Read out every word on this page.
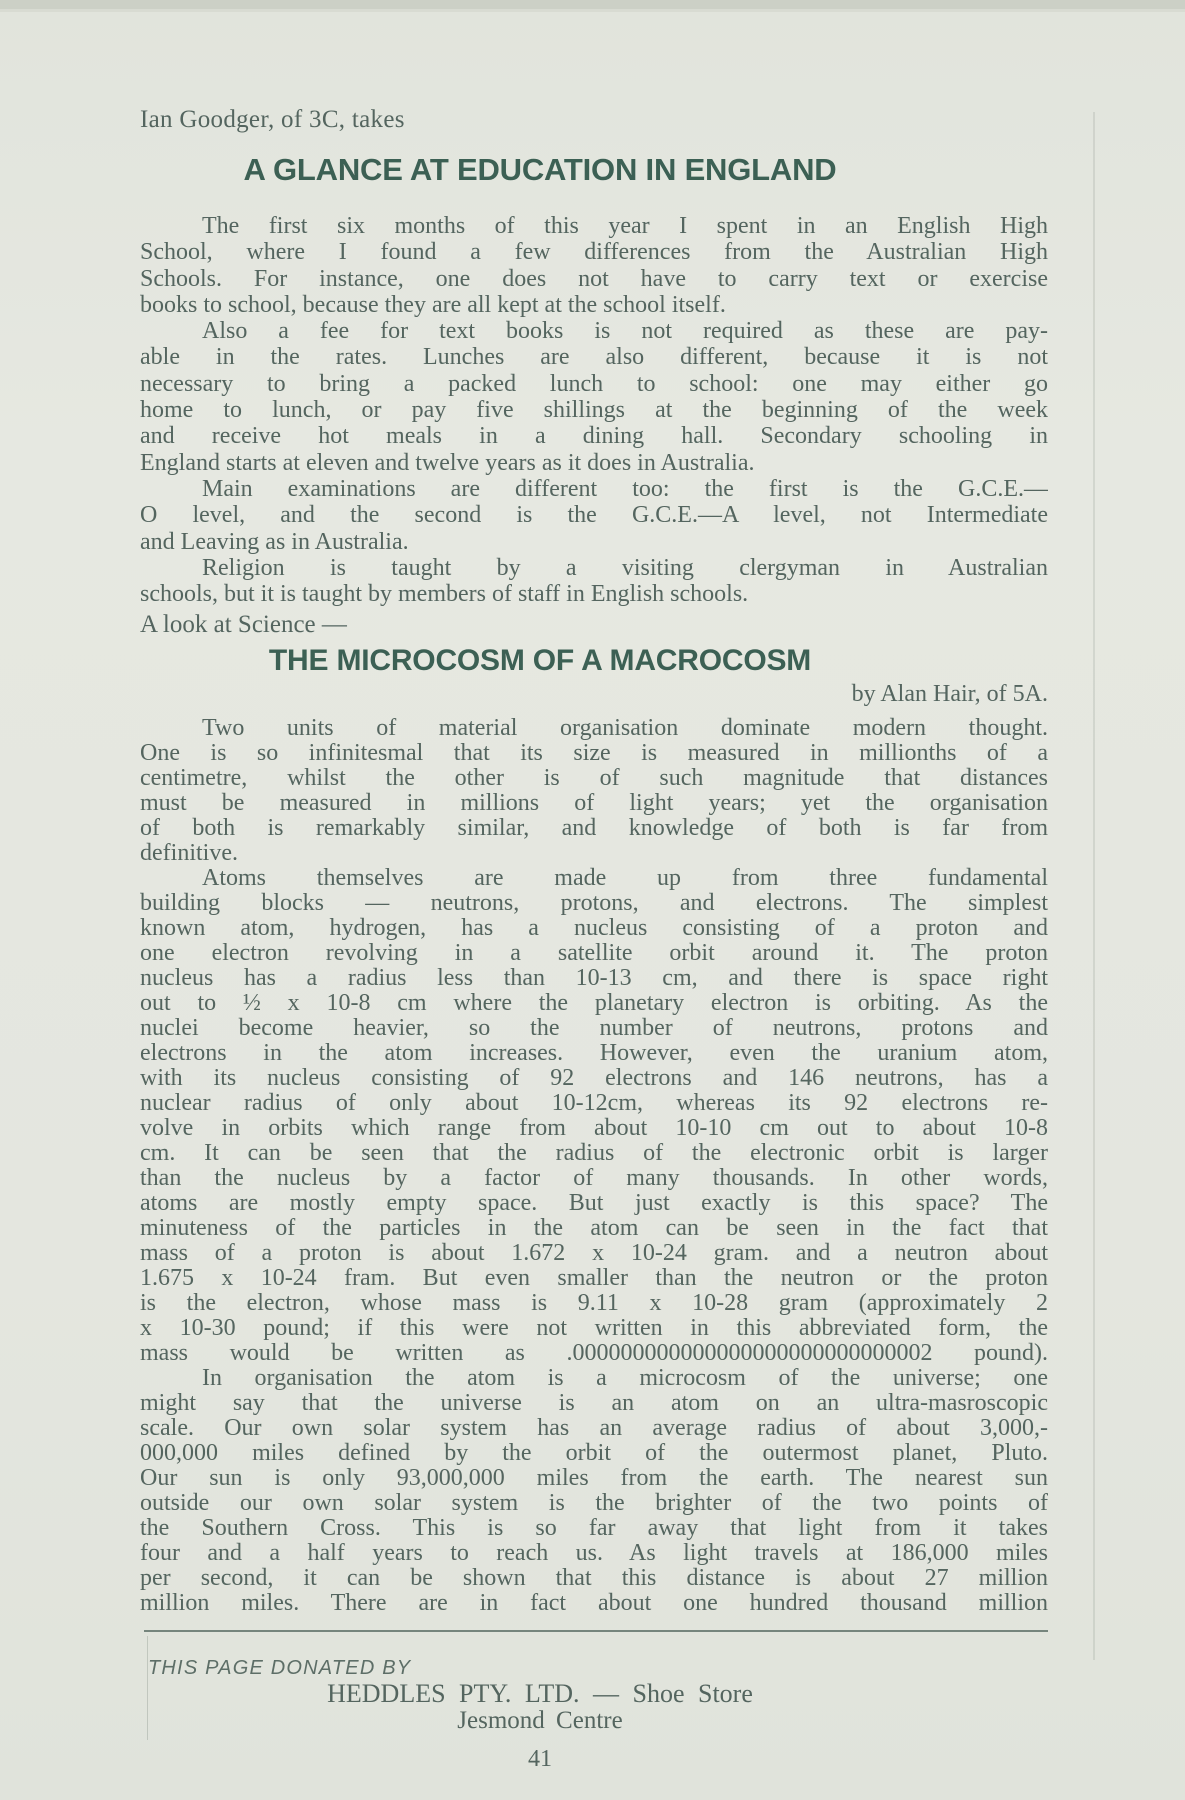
Ian Goodger, of 3C, takes
A GLANCE AT EDUCATION IN ENGLAND
The first six months of this year I spent in an English High
School, where I found a few differences from the Australian High
Schools. For instance, one does not have to carry text or exercise
books to school, because they are all kept at the school itself.
Also a fee for text books is not required as these are pay-
able in the rates. Lunches are also different, because it is not
necessary to bring a packed lunch to school: one may either go
home to lunch, or pay five shillings at the beginning of the week
and receive hot meals in a dining hall. Secondary schooling in
England starts at eleven and twelve years as it does in Australia.
Main examinations are different too: the first is the G.C.E.—
O level, and the second is the G.C.E.—A level, not Intermediate
and Leaving as in Australia.
Religion is taught by a visiting clergyman in Australian
schools, but it is taught by members of staff in English schools.
A look at Science —
THE MICROCOSM OF A MACROCOSM
by Alan Hair, of 5A.
Two units of material organisation dominate modern thought.
One is so infinitesmal that its size is measured in millionths of a
centimetre, whilst the other is of such magnitude that distances
must be measured in millions of light years; yet the organisation
of both is remarkably similar, and knowledge of both is far from
definitive.
Atoms themselves are made up from three fundamental
building blocks — neutrons, protons, and electrons. The simplest
known atom, hydrogen, has a nucleus consisting of a proton and
one electron revolving in a satellite orbit around it. The proton
nucleus has a radius less than 10-13 cm, and there is space right
out to ½ x 10-8 cm where the planetary electron is orbiting. As the
nuclei become heavier, so the number of neutrons, protons and
electrons in the atom increases. However, even the uranium atom,
with its nucleus consisting of 92 electrons and 146 neutrons, has a
nuclear radius of only about 10-12cm, whereas its 92 electrons re-
volve in orbits which range from about 10-10 cm out to about 10-8
cm. It can be seen that the radius of the electronic orbit is larger
than the nucleus by a factor of many thousands. In other words,
atoms are mostly empty space. But just exactly is this space? The
minuteness of the particles in the atom can be seen in the fact that
mass of a proton is about 1.672 x 10-24 gram. and a neutron about
1.675 x 10-24 fram. But even smaller than the neutron or the proton
is the electron, whose mass is 9.11 x 10-28 gram (approximately 2
x 10-30 pound; if this were not written in this abbreviated form, the
mass would be written as .000000000000000000000000000002 pound).
In organisation the atom is a microcosm of the universe; one
might say that the universe is an atom on an ultra-masroscopic
scale. Our own solar system has an average radius of about 3,000,-
000,000 miles defined by the orbit of the outermost planet, Pluto.
Our sun is only 93,000,000 miles from the earth. The nearest sun
outside our own solar system is the brighter of the two points of
the Southern Cross. This is so far away that light from it takes
four and a half years to reach us. As light travels at 186,000 miles
per second, it can be shown that this distance is about 27 million
million miles. There are in fact about one hundred thousand million
THIS PAGE DONATED BY
HEDDLES PTY. LTD. — Shoe Store
Jesmond Centre
41
